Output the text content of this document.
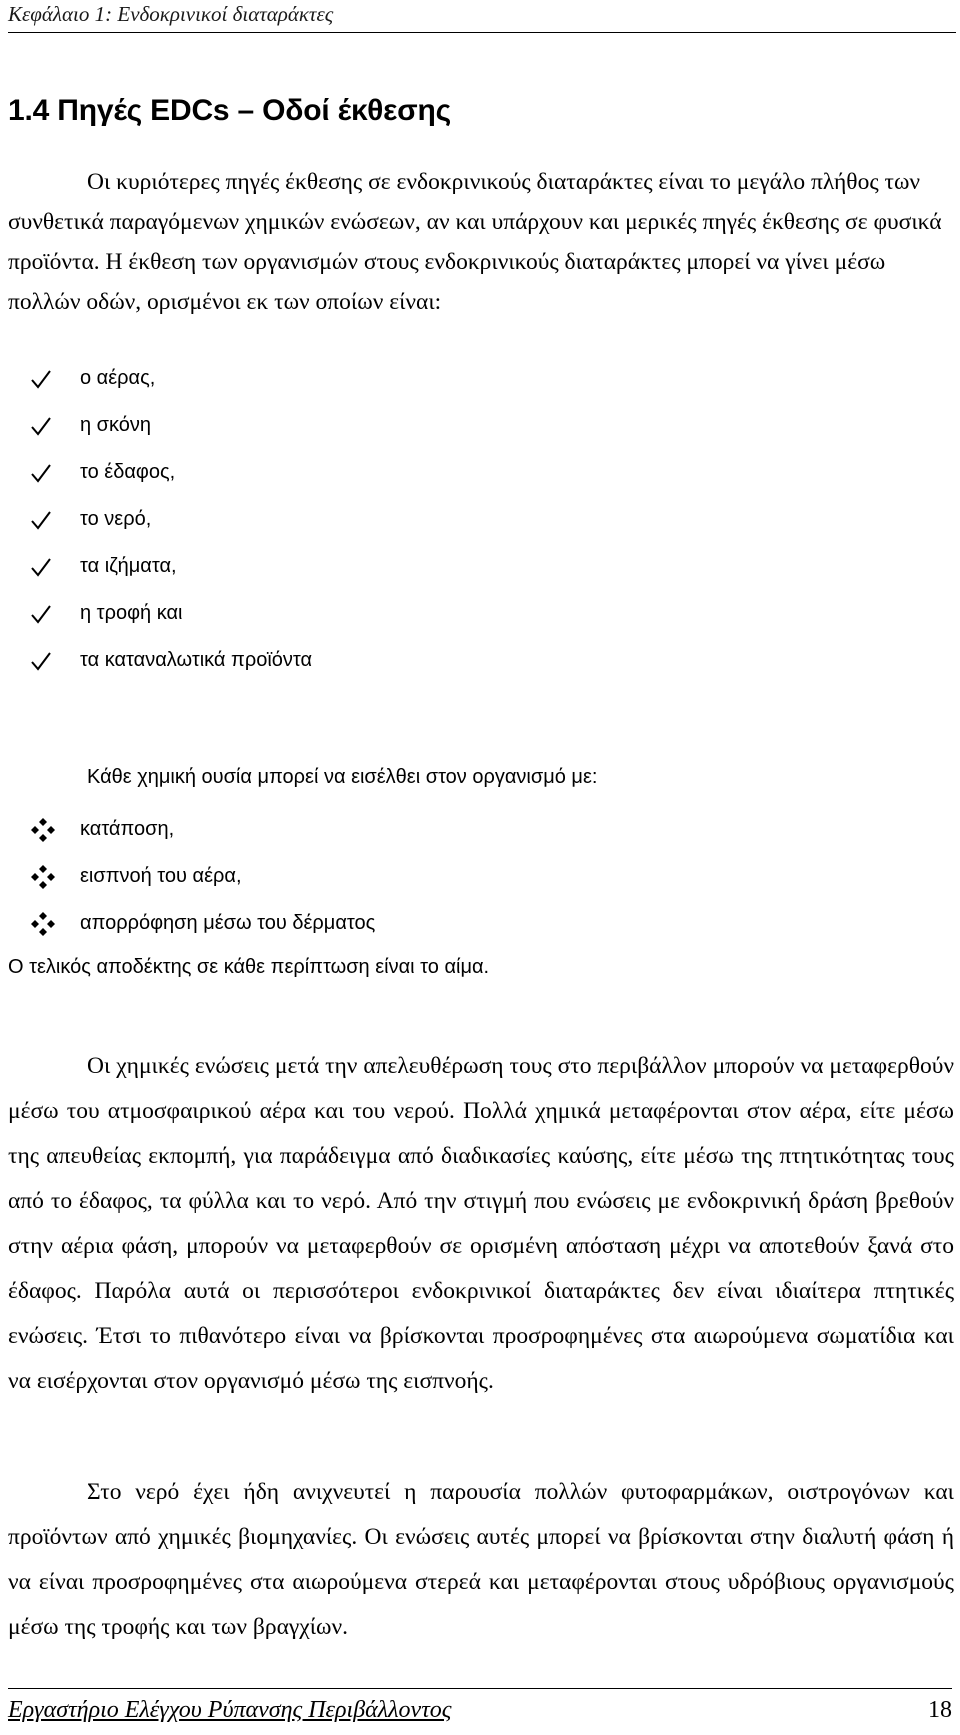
Κεφάλαιο 1: Ενδοκρινικοί διαταράκτες
1.4 Πηγές EDCs – Οδοί έκθεσης

Οι κυριότερες πηγές έκθεσης σε ενδοκρινικούς διαταράκτες είναι το μεγάλο πλήθος των συνθετικά παραγόμενων χημικών ενώσεων, αν και υπάρχουν και μερικές πηγές έκθεσης σε φυσικά προϊόντα. Η έκθεση των οργανισμών στους ενδοκρινικούς διαταράκτες μπορεί να γίνει μέσω πολλών οδών, ορισμένοι εκ των οποίων είναι:

ο αέρας,
η σκόνη
το έδαφος,
το νερό,
τα ιζήματα,
η τροφή και
τα καταναλωτικά προϊόντα
Κάθε χημική ουσία μπορεί να εισέλθει στον οργανισμό με:
κατάποση,
εισπνοή του αέρα,
απορρόφηση μέσω του δέρματος
Ο τελικός αποδέκτης σε κάθε περίπτωση είναι το αίμα.

Οι χημικές ενώσεις μετά την απελευθέρωση τους στο περιβάλλον μπορούν να μεταφερθούν μέσω του ατμοσφαιρικού αέρα και του νερού. Πολλά χημικά μεταφέρονται στον αέρα, είτε μέσω της απευθείας εκπομπή, για παράδειγμα από διαδικασίες καύσης, είτε μέσω της πτητικότητας τους από το έδαφος, τα φύλλα και το νερό. Από την στιγμή που ενώσεις με ενδοκρινική δράση βρεθούν στην αέρια φάση, μπορούν να μεταφερθούν σε ορισμένη απόσταση μέχρι να αποτεθούν ξανά στο έδαφος. Παρόλα αυτά οι περισσότεροι ενδοκρινικοί διαταράκτες δεν είναι ιδιαίτερα πτητικές ενώσεις. Έτσι το πιθανότερο είναι να βρίσκονται προσροφημένες στα αιωρούμενα σωματίδια και να εισέρχονται στον οργανισμό μέσω της εισπνοής.

Στο νερό έχει ήδη ανιχνευτεί η παρουσία πολλών φυτοφαρμάκων, οιστρογόνων και προϊόντων από χημικές βιομηχανίες. Οι ενώσεις αυτές μπορεί να βρίσκονται στην διαλυτή φάση ή να είναι προσροφημένες στα αιωρούμενα στερεά και μεταφέρονται στους υδρόβιους οργανισμούς μέσω της τροφής και των βραγχίων.

Εργαστήριο Ελέγχου Ρύπανσης Περιβάλλοντος	18
